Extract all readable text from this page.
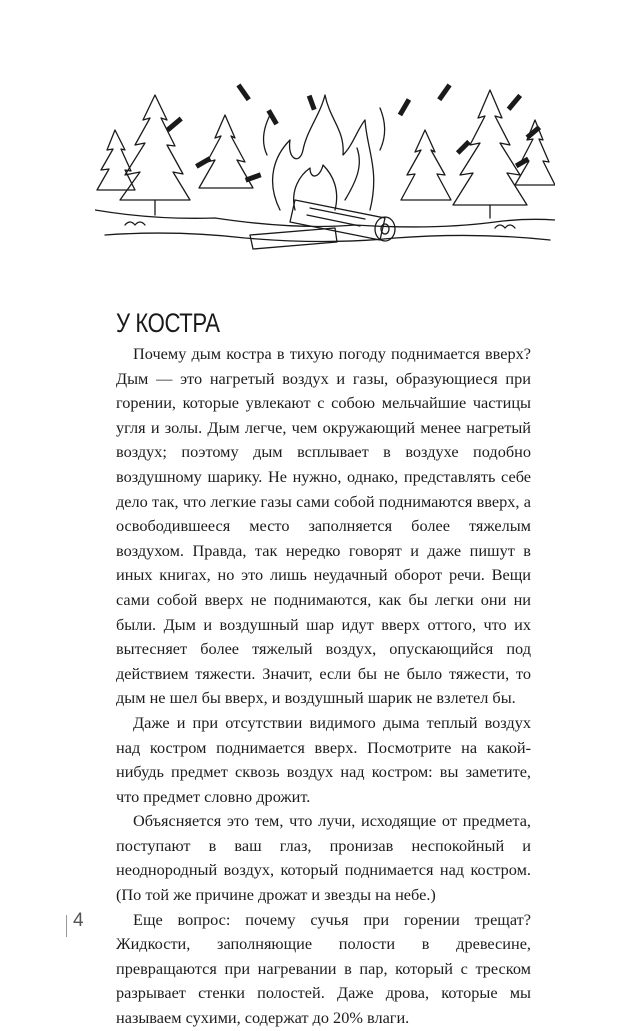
У КОСТРА

Почему дым костра в тихую погоду поднимается вверх? Дым — это нагретый воздух и газы, образующиеся при горении, которые увлекают с собою мельчайшие частицы угля и золы. Дым легче, чем окружающий менее нагретый воздух; поэтому дым всплывает в воздухе подобно воздушному шарику. Не нужно, однако, представлять себе дело так, что легкие газы сами собой поднимаются вверх, а освободившееся место заполняется более тяжелым воздухом. Правда, так нередко говорят и даже пишут в иных книгах, но это лишь неудачный оборот речи. Вещи сами собой вверх не поднимаются, как бы легки они ни были. Дым и воздушный шар идут вверх оттого, что их вытесняет более тяжелый воздух, опускающийся под действием тяжести. Значит, если бы не было тяжести, то дым не шел бы вверх, и воздушный шарик не взлетел бы.

Даже и при отсутствии видимого дыма теплый воздух над костром поднимается вверх. Посмотрите на какой-нибудь предмет сквозь воздух над костром: вы заметите, что предмет словно дрожит.

Объясняется это тем, что лучи, исходящие от предмета, поступают в ваш глаз, пронизав неспокойный и неоднородный воздух, который поднимается над костром. (По той же причине дрожат и звезды на небе.)

Еще вопрос: почему сучья при горении трещат? Жидкости, заполняющие полости в древесине, превращаются при нагревании в пар, который с треском разрывает стенки полостей. Даже дрова, которые мы называем сухими, содержат до 20% влаги.

4
